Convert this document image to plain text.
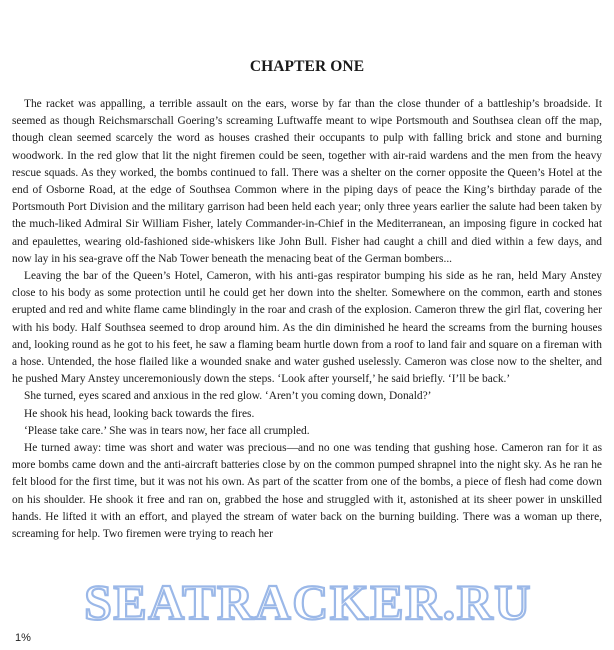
CHAPTER ONE

The racket was appalling, a terrible assault on the ears, worse by far than the close thunder of a battleship’s broadside. It seemed as though Reichsmarschall Goering’s screaming Luftwaffe meant to wipe Portsmouth and Southsea clean off the map, though clean seemed scarcely the word as houses crashed their occupants to pulp with falling brick and stone and burning woodwork. In the red glow that lit the night firemen could be seen, together with air-raid wardens and the men from the heavy rescue squads. As they worked, the bombs continued to fall. There was a shelter on the corner opposite the Queen’s Hotel at the end of Osborne Road, at the edge of Southsea Common where in the piping days of peace the King’s birthday parade of the Portsmouth Port Division and the military garrison had been held each year; only three years earlier the salute had been taken by the much-liked Admiral Sir William Fisher, lately Commander-in-Chief in the Mediterranean, an imposing figure in cocked hat and epaulettes, wearing old-fashioned side-whiskers like John Bull. Fisher had caught a chill and died within a few days, and now lay in his sea-grave off the Nab Tower beneath the menacing beat of the German bombers...

Leaving the bar of the Queen’s Hotel, Cameron, with his anti-gas respirator bumping his side as he ran, held Mary Anstey close to his body as some protection until he could get her down into the shelter. Somewhere on the common, earth and stones erupted and red and white flame came blindingly in the roar and crash of the explosion. Cameron threw the girl flat, covering her with his body. Half Southsea seemed to drop around him. As the din diminished he heard the screams from the burning houses and, looking round as he got to his feet, he saw a flaming beam hurtle down from a roof to land fair and square on a fireman with a hose. Untended, the hose flailed like a wounded snake and water gushed uselessly. Cameron was close now to the shelter, and he pushed Mary Anstey unceremoniously down the steps. ‘Look after yourself,’ he said briefly. ‘I’ll be back.’

She turned, eyes scared and anxious in the red glow. ‘Aren’t you coming down, Donald?’

He shook his head, looking back towards the fires.

‘Please take care.’ She was in tears now, her face all crumpled.

He turned away: time was short and water was precious—and no one was tending that gushing hose. Cameron ran for it as more bombs came down and the anti-aircraft batteries close by on the common pumped shrapnel into the night sky. As he ran he felt blood for the first time, but it was not his own. As part of the scatter from one of the bombs, a piece of flesh had come down on his shoulder. He shook it free and ran on, grabbed the hose and struggled with it, astonished at its sheer power in unskilled hands. He lifted it with an effort, and played the stream of water back on the burning building. There was a woman up there, screaming for help. Two firemen were trying to reach her

SEATRACKER.RU
1%
